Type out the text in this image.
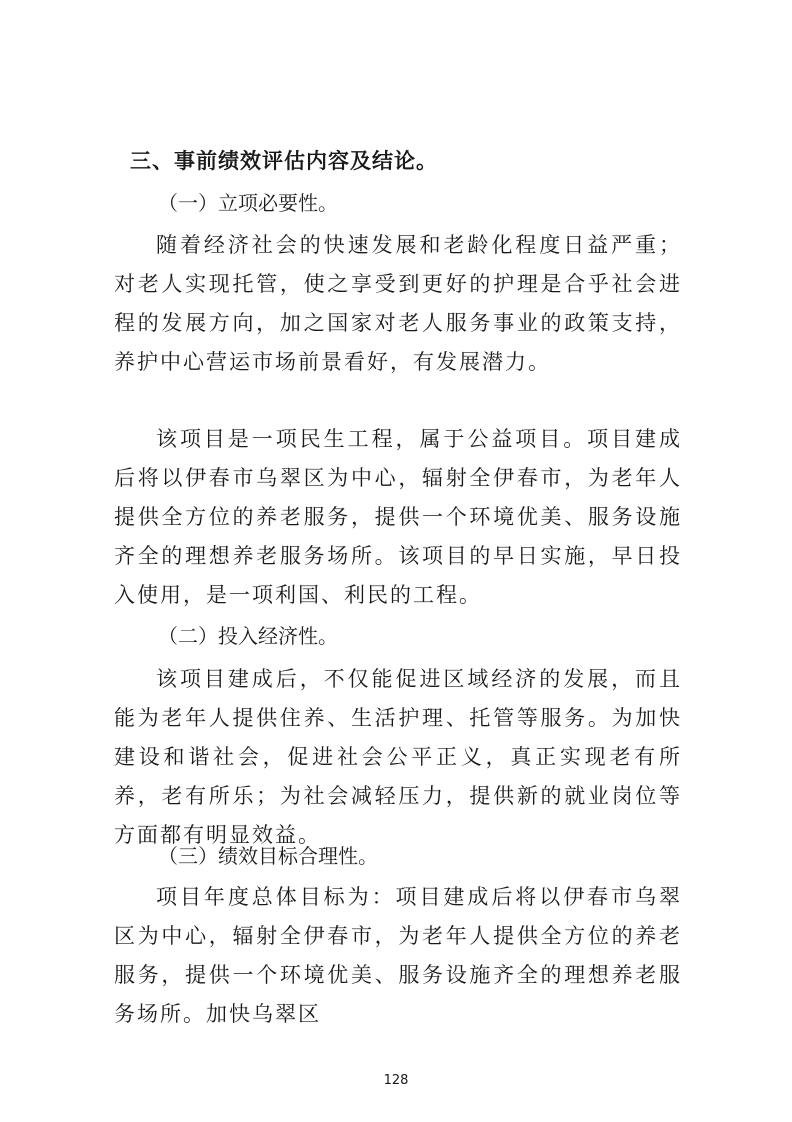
三、事前绩效评估内容及结论。
（一）立项必要性。

随着经济社会的快速发展和老龄化程度日益严重；对老人实现托管，使之享受到更好的护理是合乎社会进程的发展方向，加之国家对老人服务事业的政策支持，养护中心营运市场前景看好，有发展潜力。

该项目是一项民生工程，属于公益项目。项目建成后将以伊春市乌翠区为中心，辐射全伊春市，为老年人提供全方位的养老服务，提供一个环境优美、服务设施齐全的理想养老服务场所。该项目的早日实施，早日投入使用，是一项利国、利民的工程。

（二）投入经济性。

该项目建成后，不仅能促进区域经济的发展，而且能为老年人提供住养、生活护理、托管等服务。为加快建设和谐社会，促进社会公平正义，真正实现老有所养，老有所乐；为社会减轻压力，提供新的就业岗位等方面都有明显效益。

（三）绩效目标合理性。

项目年度总体目标为：项目建成后将以伊春市乌翠区为中心，辐射全伊春市，为老年人提供全方位的养老服务，提供一个环境优美、服务设施齐全的理想养老服务场所。加快乌翠区

128
